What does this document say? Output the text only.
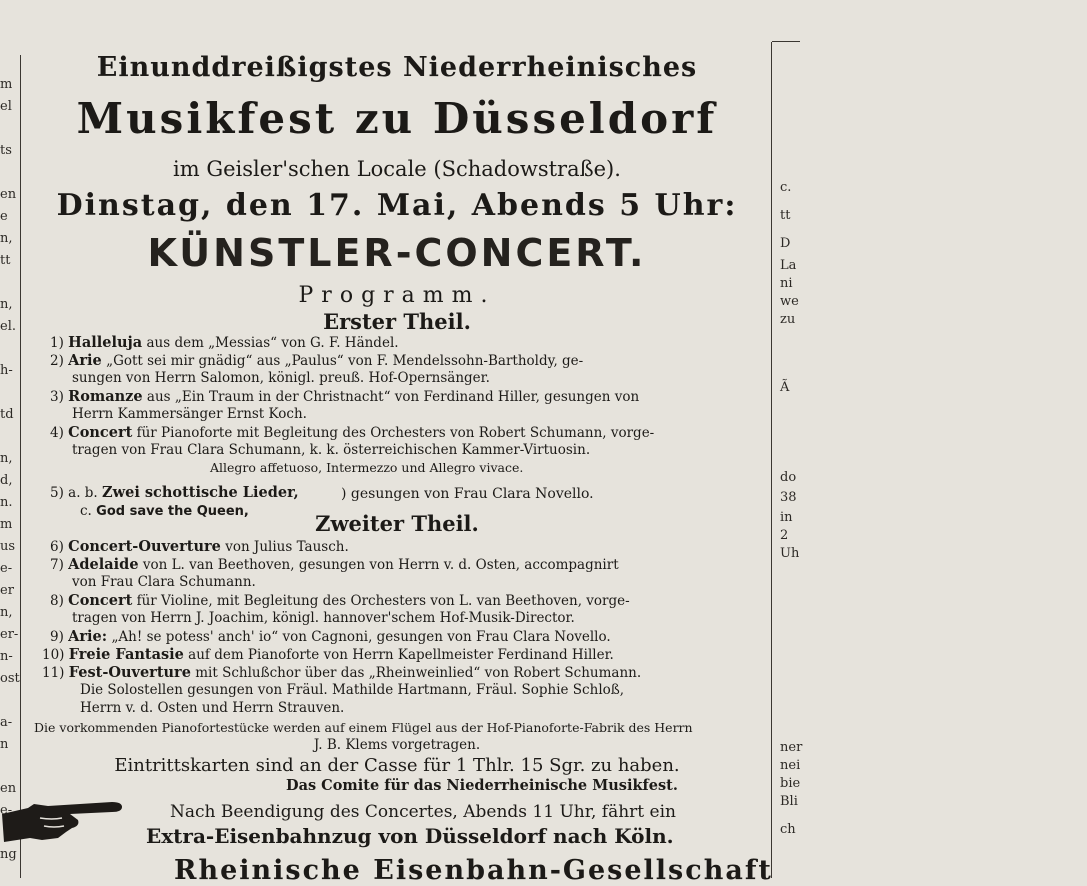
m
el
ts
en
e
n,
tt
n,
el.
h-
td
n,
d,
n.
m
us
e-
er
n,
er-
n-
ost
a-
n
en
e-
ng
c.
tt
D
La
ni
we
zu
Ã
do
38
in
2
Uh
ner
nei
bie
Bli
ch
Einunddreißigstes Niederrheinisches
Musikfest zu Düsseldorf
im Geisler'schen Locale (Schadowstraße).
Dinstag, den 17. Mai, Abends 5 Uhr:
KÜNSTLER-CONCERT.
Programm.
Erster Theil.
1) Halleluja aus dem „Messias“ von G. F. Händel.
2) Arie „Gott sei mir gnädig“ aus „Paulus“ von F. Mendelssohn-Bartholdy, ge-
sungen von Herrn Salomon, königl. preuß. Hof-Opernsänger.
3) Romanze aus „Ein Traum in der Christnacht“ von Ferdinand Hiller, gesungen von
Herrn Kammersänger Ernst Koch.
4) Concert für Pianoforte mit Begleitung des Orchesters von Robert Schumann, vorge-
tragen von Frau Clara Schumann, k. k. österreichischen Kammer-Virtuosin.
Allegro affetuoso, Intermezzo und Allegro vivace.
5) a. b. Zwei schottische Lieder,
c. God save the Queen,
) gesungen von Frau Clara Novello.
Zweiter Theil.
6) Concert-Ouverture von Julius Tausch.
7) Adelaide von L. van Beethoven, gesungen von Herrn v. d. Osten, accompagnirt
von Frau Clara Schumann.
8) Concert für Violine, mit Begleitung des Orchesters von L. van Beethoven, vorge-
tragen von Herrn J. Joachim, königl. hannover'schem Hof-Musik-Director.
9) Arie: „Ah! se potess' anch' io“ von Cagnoni, gesungen von Frau Clara Novello.
10) Freie Fantasie auf dem Pianoforte von Herrn Kapellmeister Ferdinand Hiller.
11) Fest-Ouverture mit Schlußchor über das „Rheinweinlied“ von Robert Schumann.
Die Solostellen gesungen von Fräul. Mathilde Hartmann, Fräul. Sophie Schloß,
Herrn v. d. Osten und Herrn Strauven.
Die vorkommenden Pianofortestücke werden auf einem Flügel aus der Hof-Pianoforte-Fabrik des Herrn
J. B. Klems vorgetragen.
Eintrittskarten sind an der Casse für 1 Thlr. 15 Sgr. zu haben.
Das Comite für das Niederrheinische Musikfest.
Nach Beendigung des Concertes, Abends 11 Uhr, fährt ein
Extra-Eisenbahnzug von Düsseldorf nach Köln.
Rheinische Eisenbahn-Gesellschaft
